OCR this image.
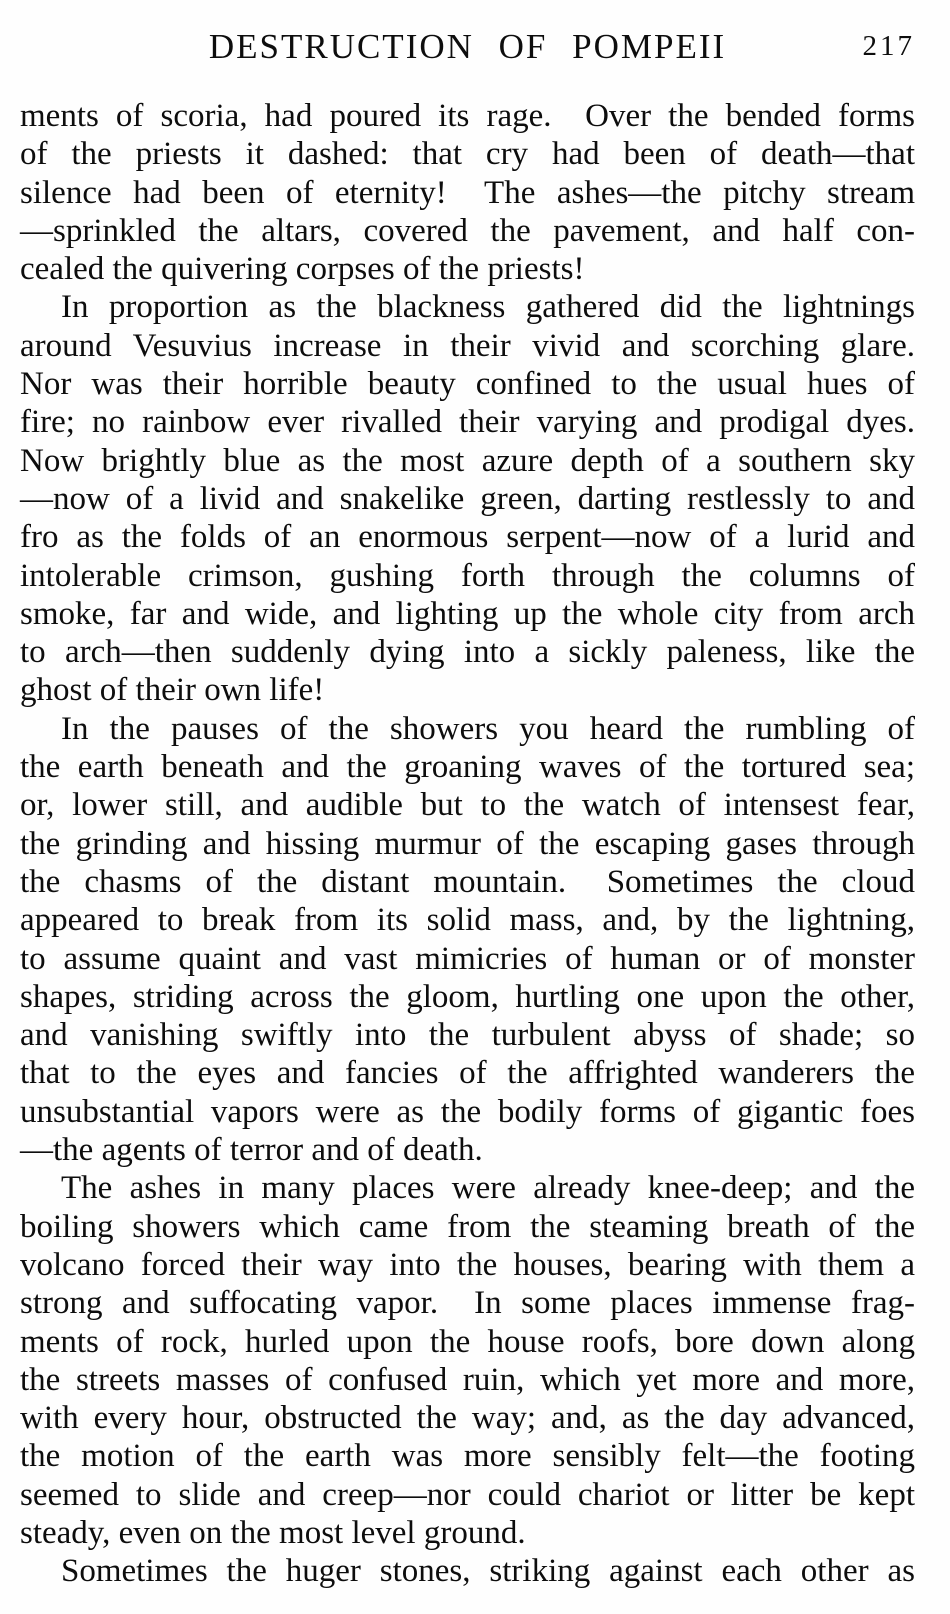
DESTRUCTION OF POMPEII	217
ments of scoria, had poured its rage.  Over the bended forms
of the priests it dashed: that cry had been of death—that
silence had been of eternity!  The ashes—the pitchy stream
—sprinkled the altars, covered the pavement, and half con-
cealed the quivering corpses of the priests!
In proportion as the blackness gathered did the lightnings
around Vesuvius increase in their vivid and scorching glare.
Nor was their horrible beauty confined to the usual hues of
fire; no rainbow ever rivalled their varying and prodigal dyes.
Now brightly blue as the most azure depth of a southern sky
—now of a livid and snakelike green, darting restlessly to and
fro as the folds of an enormous serpent—now of a lurid and
intolerable crimson, gushing forth through the columns of
smoke, far and wide, and lighting up the whole city from arch
to arch—then suddenly dying into a sickly paleness, like the
ghost of their own life!
In the pauses of the showers you heard the rumbling of
the earth beneath and the groaning waves of the tortured sea;
or, lower still, and audible but to the watch of intensest fear,
the grinding and hissing murmur of the escaping gases through
the chasms of the distant mountain.  Sometimes the cloud
appeared to break from its solid mass, and, by the lightning,
to assume quaint and vast mimicries of human or of monster
shapes, striding across the gloom, hurtling one upon the other,
and vanishing swiftly into the turbulent abyss of shade; so
that to the eyes and fancies of the affrighted wanderers the
unsubstantial vapors were as the bodily forms of gigantic foes
—the agents of terror and of death.
The ashes in many places were already knee-deep; and the
boiling showers which came from the steaming breath of the
volcano forced their way into the houses, bearing with them a
strong and suffocating vapor.  In some places immense frag-
ments of rock, hurled upon the house roofs, bore down along
the streets masses of confused ruin, which yet more and more,
with every hour, obstructed the way; and, as the day advanced,
the motion of the earth was more sensibly felt—the footing
seemed to slide and creep—nor could chariot or litter be kept
steady, even on the most level ground.
Sometimes the huger stones, striking against each other as
